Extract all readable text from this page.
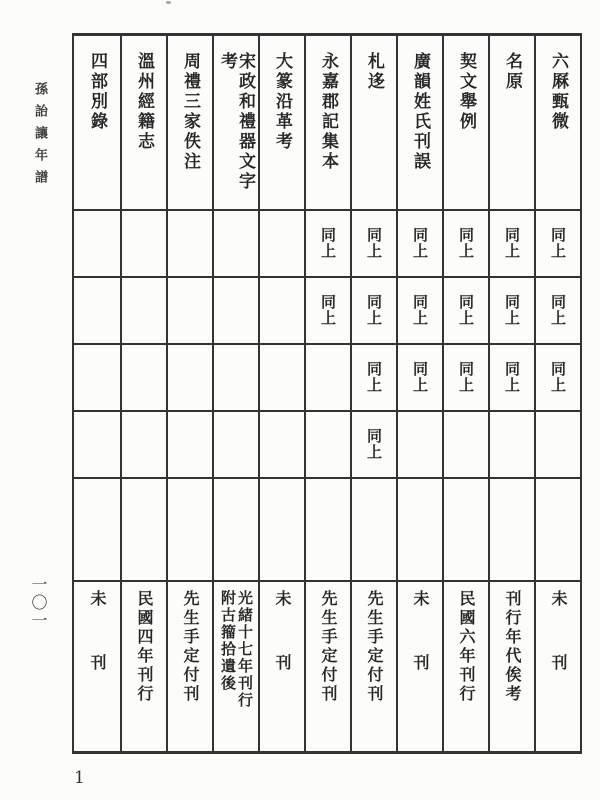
孫詒讓年譜
一〇一
1
六厤甄微
同上
同上
同上
未　刊
名原
同上
同上
同上
刊行年代俟考
契文舉例
同上
同上
同上
民國六年刊行
廣韻姓氏刊誤
同上
同上
同上
未　刊
札迻
同上
同上
同上
同上
先生手定付刊
永嘉郡記集本
同上
同上
先生手定付刊
大篆沿革考
未　刊
宋政和禮器文字考
光緒十七年刊行
附古籀拾遺後
周禮三家佚注
先生手定付刊
溫州經籍志
民國四年刊行
四部別錄
未　刊
